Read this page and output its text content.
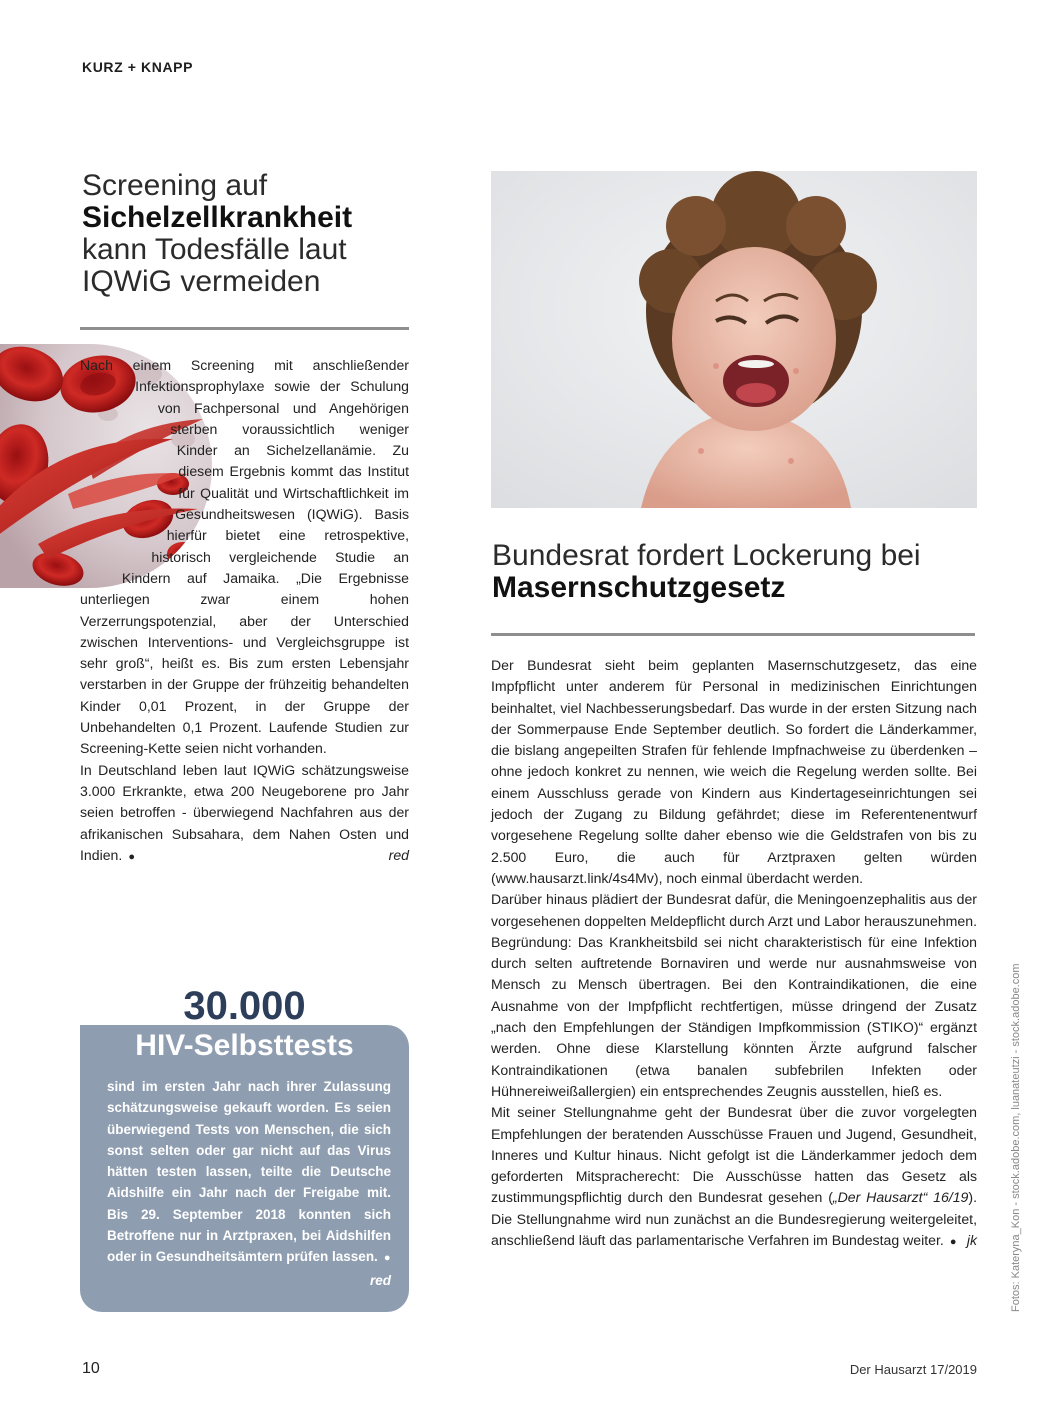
KURZ + KNAPP
Screening auf
Sichelzellkrankheit
kann Todesfälle laut IQWiG vermeiden

Nach einem Screening mit anschließender Infektionsprophylaxe sowie der Schulung von Fachpersonal und Angehörigen sterben voraussichtlich weniger Kinder an Sichelzellanämie. Zu diesem Ergebnis kommt das Institut für Qualität und Wirtschaftlichkeit im Gesundheitswesen (IQWiG). Basis hierfür bietet eine retrospektive, historisch vergleichende Studie an Kindern auf Jamaika. „Die Ergebnisse unterliegen zwar einem hohen Verzerrungspotenzial, aber der Unterschied zwischen Interventions- und Vergleichsgruppe ist sehr groß“, heißt es. Bis zum ersten Lebensjahr verstarben in der Gruppe der frühzeitig behandelten Kinder 0,01 Prozent, in der Gruppe der Unbehandelten 0,1 Prozent. Laufende Studien zur Screening-Kette seien nicht vorhanden.

In Deutschland leben laut IQWiG schätzungsweise 3.000 Erkrankte, etwa 200 Neugeborene pro Jahr seien betroffen - überwiegend Nachfahren aus der afrikanischen Subsahara, dem Nahen Osten und Indien. ●	red

30.000
HIV-Selbsttests

sind im ersten Jahr nach ihrer Zulassung schätzungsweise gekauft worden. Es seien überwiegend Tests von Menschen, die sich sonst selten oder gar nicht auf das Virus hätten testen lassen, teilte die Deutsche Aidshilfe ein Jahr nach der Freigabe mit. Bis 29. September 2018 konnten sich Betroffene nur in Arztpraxen, bei Aidshilfen oder in Gesundheitsämtern prüfen lassen. ●
red

Bundesrat fordert Lockerung bei Masernschutzgesetz

Der Bundesrat sieht beim geplanten Masernschutzgesetz, das eine Impfpflicht unter anderem für Personal in medizinischen Einrichtungen beinhaltet, viel Nachbesserungsbedarf. Das wurde in der ersten Sitzung nach der Sommerpause Ende September deutlich. So fordert die Länderkammer, die bislang angepeilten Strafen für fehlende Impfnachweise zu überdenken – ohne jedoch konkret zu nennen, wie weich die Regelung werden sollte. Bei einem Ausschluss gerade von Kindern aus Kindertageseinrichtungen sei jedoch der Zugang zu Bildung gefährdet; diese im Referentenentwurf vorgesehene Regelung sollte daher ebenso wie die Geldstrafen von bis zu 2.500 Euro, die auch für Arztpraxen gelten würden (www.hausarzt.link/4s4Mv), noch einmal überdacht werden.

Darüber hinaus plädiert der Bundesrat dafür, die Meningoenzephalitis aus der vorgesehenen doppelten Meldepflicht durch Arzt und Labor herauszunehmen. Begründung: Das Krankheitsbild sei nicht charakteristisch für eine Infektion durch selten auftretende Bornaviren und werde nur ausnahmsweise von Mensch zu Mensch übertragen. Bei den Kontraindikationen, die eine Ausnahme von der Impfpflicht rechtfertigen, müsse dringend der Zusatz „nach den Empfehlungen der Ständigen Impfkommission (STIKO)“ ergänzt werden. Ohne diese Klarstellung könnten Ärzte aufgrund falscher Kontraindikationen (etwa banalen subfebrilen Infekten oder Hühnereiweißallergien) ein entsprechendes Zeugnis ausstellen, hieß es.

Mit seiner Stellungnahme geht der Bundesrat über die zuvor vorgelegten Empfehlungen der beratenden Ausschüsse Frauen und Jugend, Gesundheit, Inneres und Kultur hinaus. Nicht gefolgt ist die Länderkammer jedoch dem geforderten Mitspracherecht: Die Ausschüsse hatten das Gesetz als zustimmungspflichtig durch den Bundesrat gesehen („Der Hausarzt“ 16/19). Die Stellungnahme wird nun zunächst an die Bundesregierung weitergeleitet, anschließend läuft das parlamentarische Verfahren im Bundestag weiter. ● jk	Fotos: Kateryna_Kon - stock.adobe.com, luanateutzi - stock.adobe.com
10	Der Hausarzt 17/2019
